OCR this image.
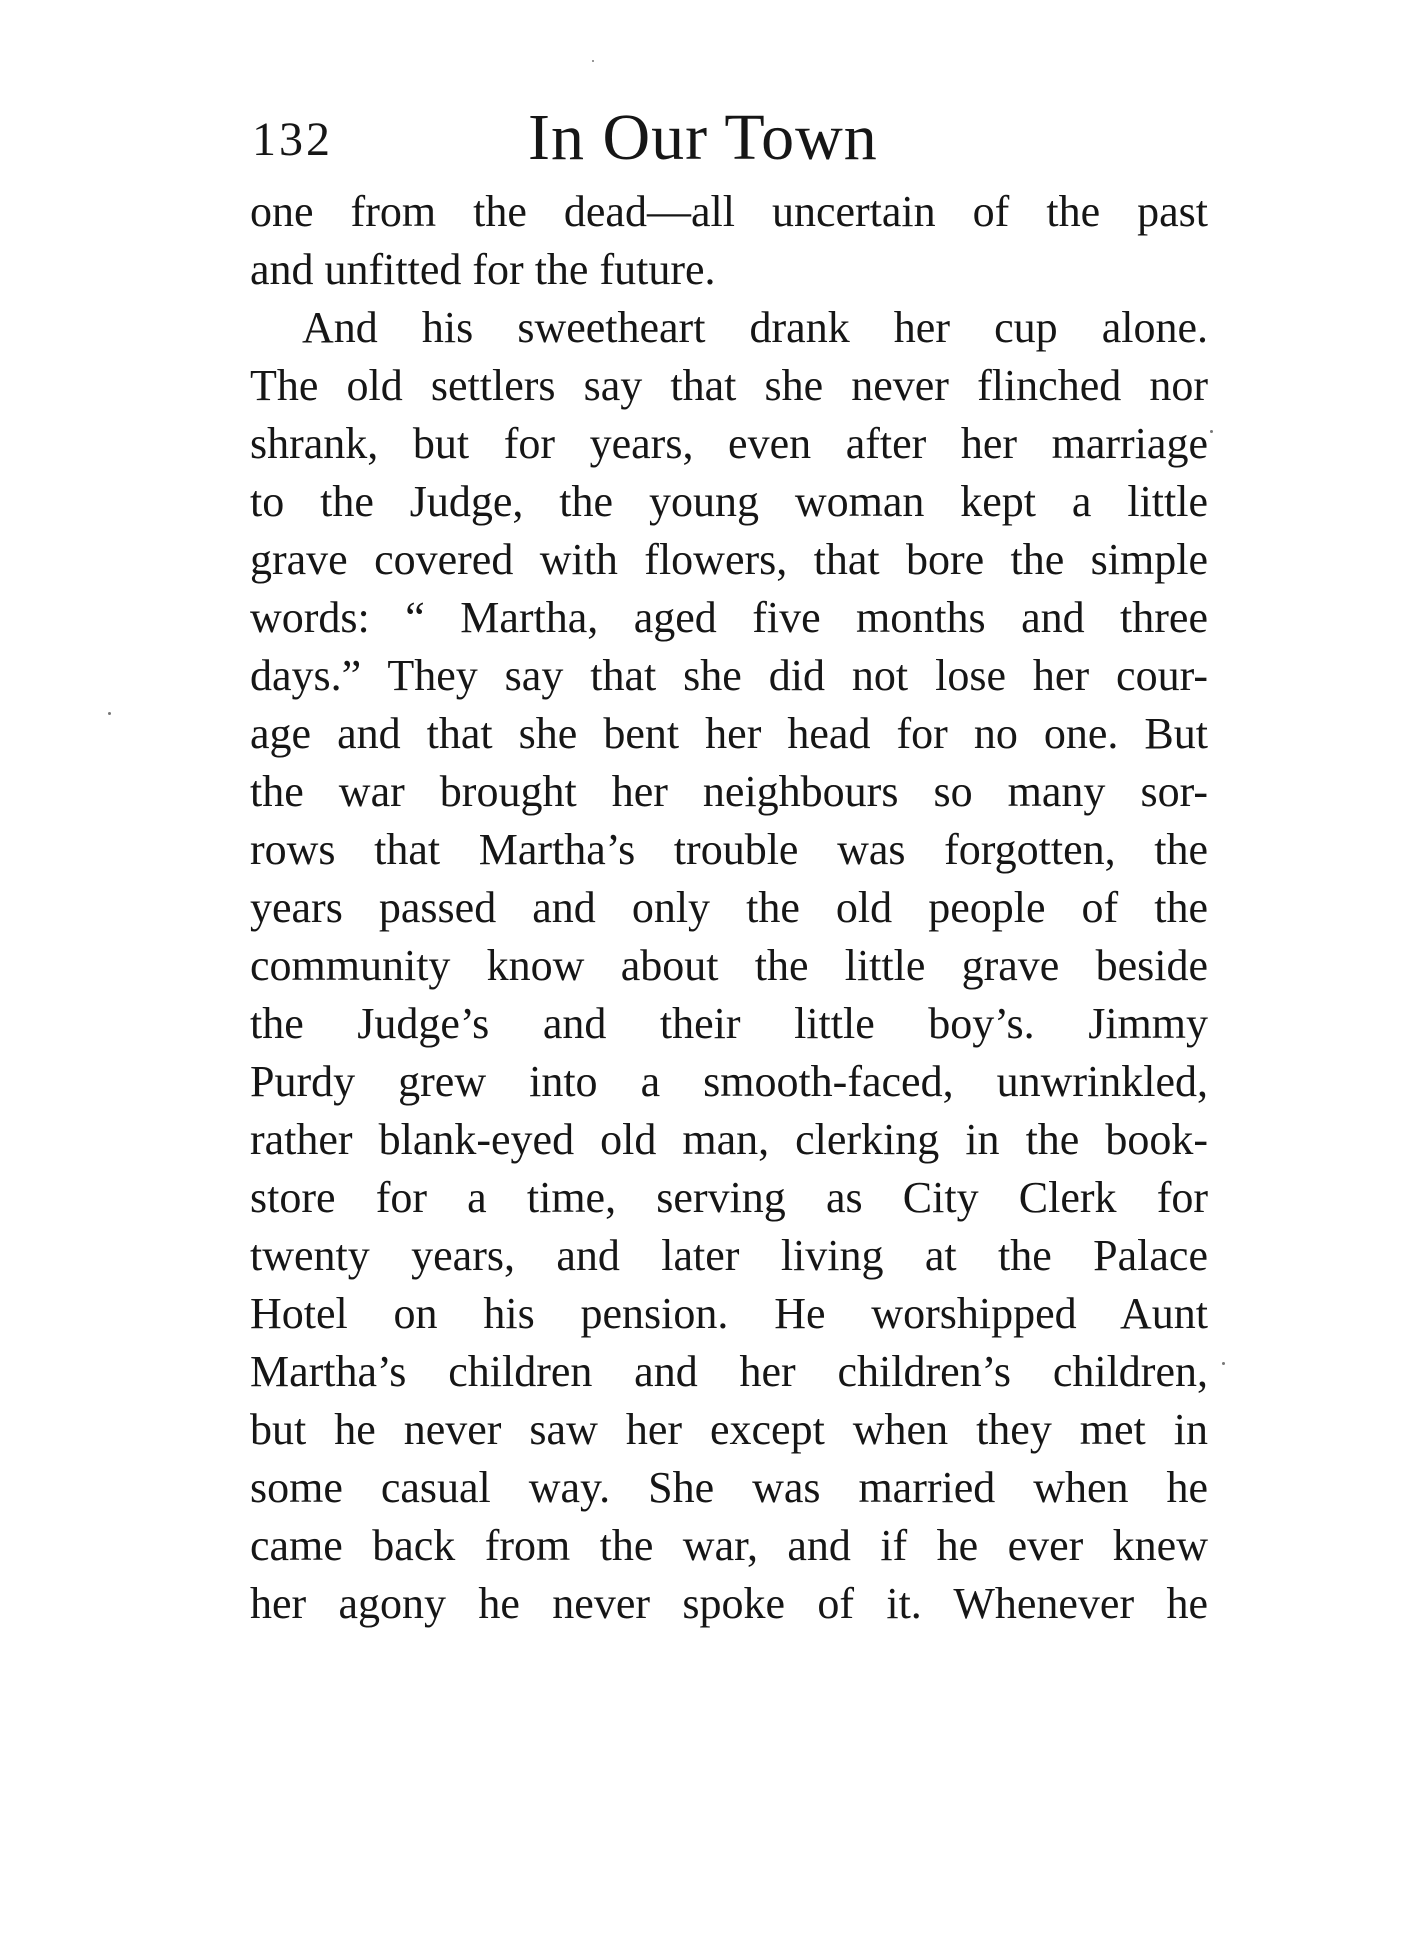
132	In Our Town
one from the dead—all uncertain of the past
and unfitted for the future.
And his sweetheart drank her cup alone.
The old settlers say that she never flinched nor
shrank, but for years, even after her marriage
to the Judge, the young woman kept a little
grave covered with flowers, that bore the simple
words: “ Martha, aged five months and three
days.” They say that she did not lose her cour-
age and that she bent her head for no one. But
the war brought her neighbours so many sor-
rows that Martha’s trouble was forgotten, the
years passed and only the old people of the
community know about the little grave beside
the Judge’s and their little boy’s. Jimmy
Purdy grew into a smooth-faced, unwrinkled,
rather blank-eyed old man, clerking in the book-
store for a time, serving as City Clerk for
twenty years, and later living at the Palace
Hotel on his pension. He worshipped Aunt
Martha’s children and her children’s children,
but he never saw her except when they met in
some casual way. She was married when he
came back from the war, and if he ever knew
her agony he never spoke of it. Whenever he
